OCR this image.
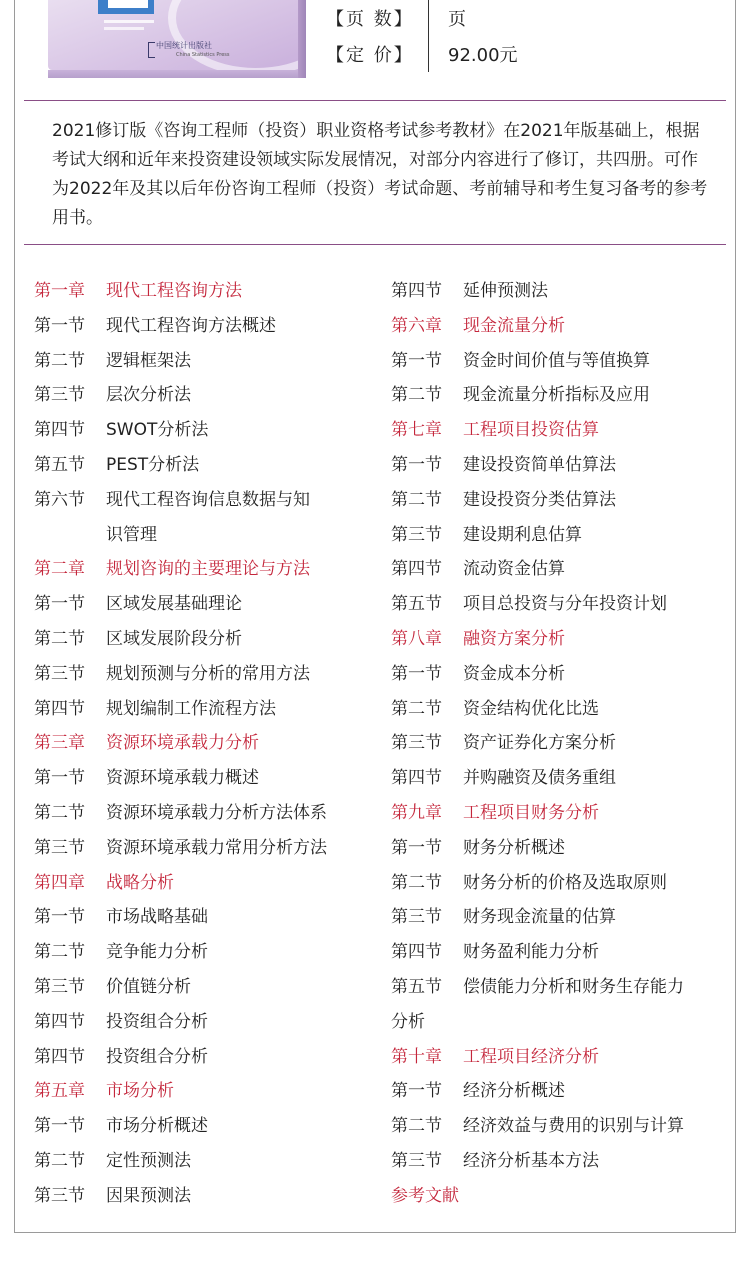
中国统计出版社
China Statistics Press
【页 数】 页
【定 价】 92.00元
2021修订版《咨询工程师（投资）职业资格考试参考教材》在2021年版基础上，根据考试大纲和近年来投资建设领域实际发展情况，对部分内容进行了修订，共四册。可作为2022年及其以后年份咨询工程师（投资）考试命题、考前辅导和考生复习备考的参考用书。
第一章 现代工程咨询方法
第一节 现代工程咨询方法概述
第二节 逻辑框架法
第三节 层次分析法
第四节 SWOT分析法
第五节 PEST分析法
第六节 现代工程咨询信息数据与知
识管理
第二章 规划咨询的主要理论与方法
第一节 区域发展基础理论
第二节 区域发展阶段分析
第三节 规划预测与分析的常用方法
第四节 规划编制工作流程方法
第三章 资源环境承载力分析
第一节 资源环境承载力概述
第二节 资源环境承载力分析方法体系
第三节 资源环境承载力常用分析方法
第四章 战略分析
第一节 市场战略基础
第二节 竞争能力分析
第三节 价值链分析
第四节 投资组合分析
第四节 投资组合分析
第五章 市场分析
第一节 市场分析概述
第二节 定性预测法
第三节 因果预测法
第四节 延伸预测法
第六章 现金流量分析
第一节 资金时间价值与等值换算
第二节 现金流量分析指标及应用
第七章 工程项目投资估算
第一节 建设投资简单估算法
第二节 建设投资分类估算法
第三节 建设期利息估算
第四节 流动资金估算
第五节 项目总投资与分年投资计划
第八章 融资方案分析
第一节 资金成本分析
第二节 资金结构优化比选
第三节 资产证券化方案分析
第四节 并购融资及债务重组
第九章 工程项目财务分析
第一节 财务分析概述
第二节 财务分析的价格及选取原则
第三节 财务现金流量的估算
第四节 财务盈利能力分析
第五节 偿债能力分析和财务生存能力
分析
第十章 工程项目经济分析
第一节 经济分析概述
第二节 经济效益与费用的识别与计算
第三节 经济分析基本方法
参考文献
